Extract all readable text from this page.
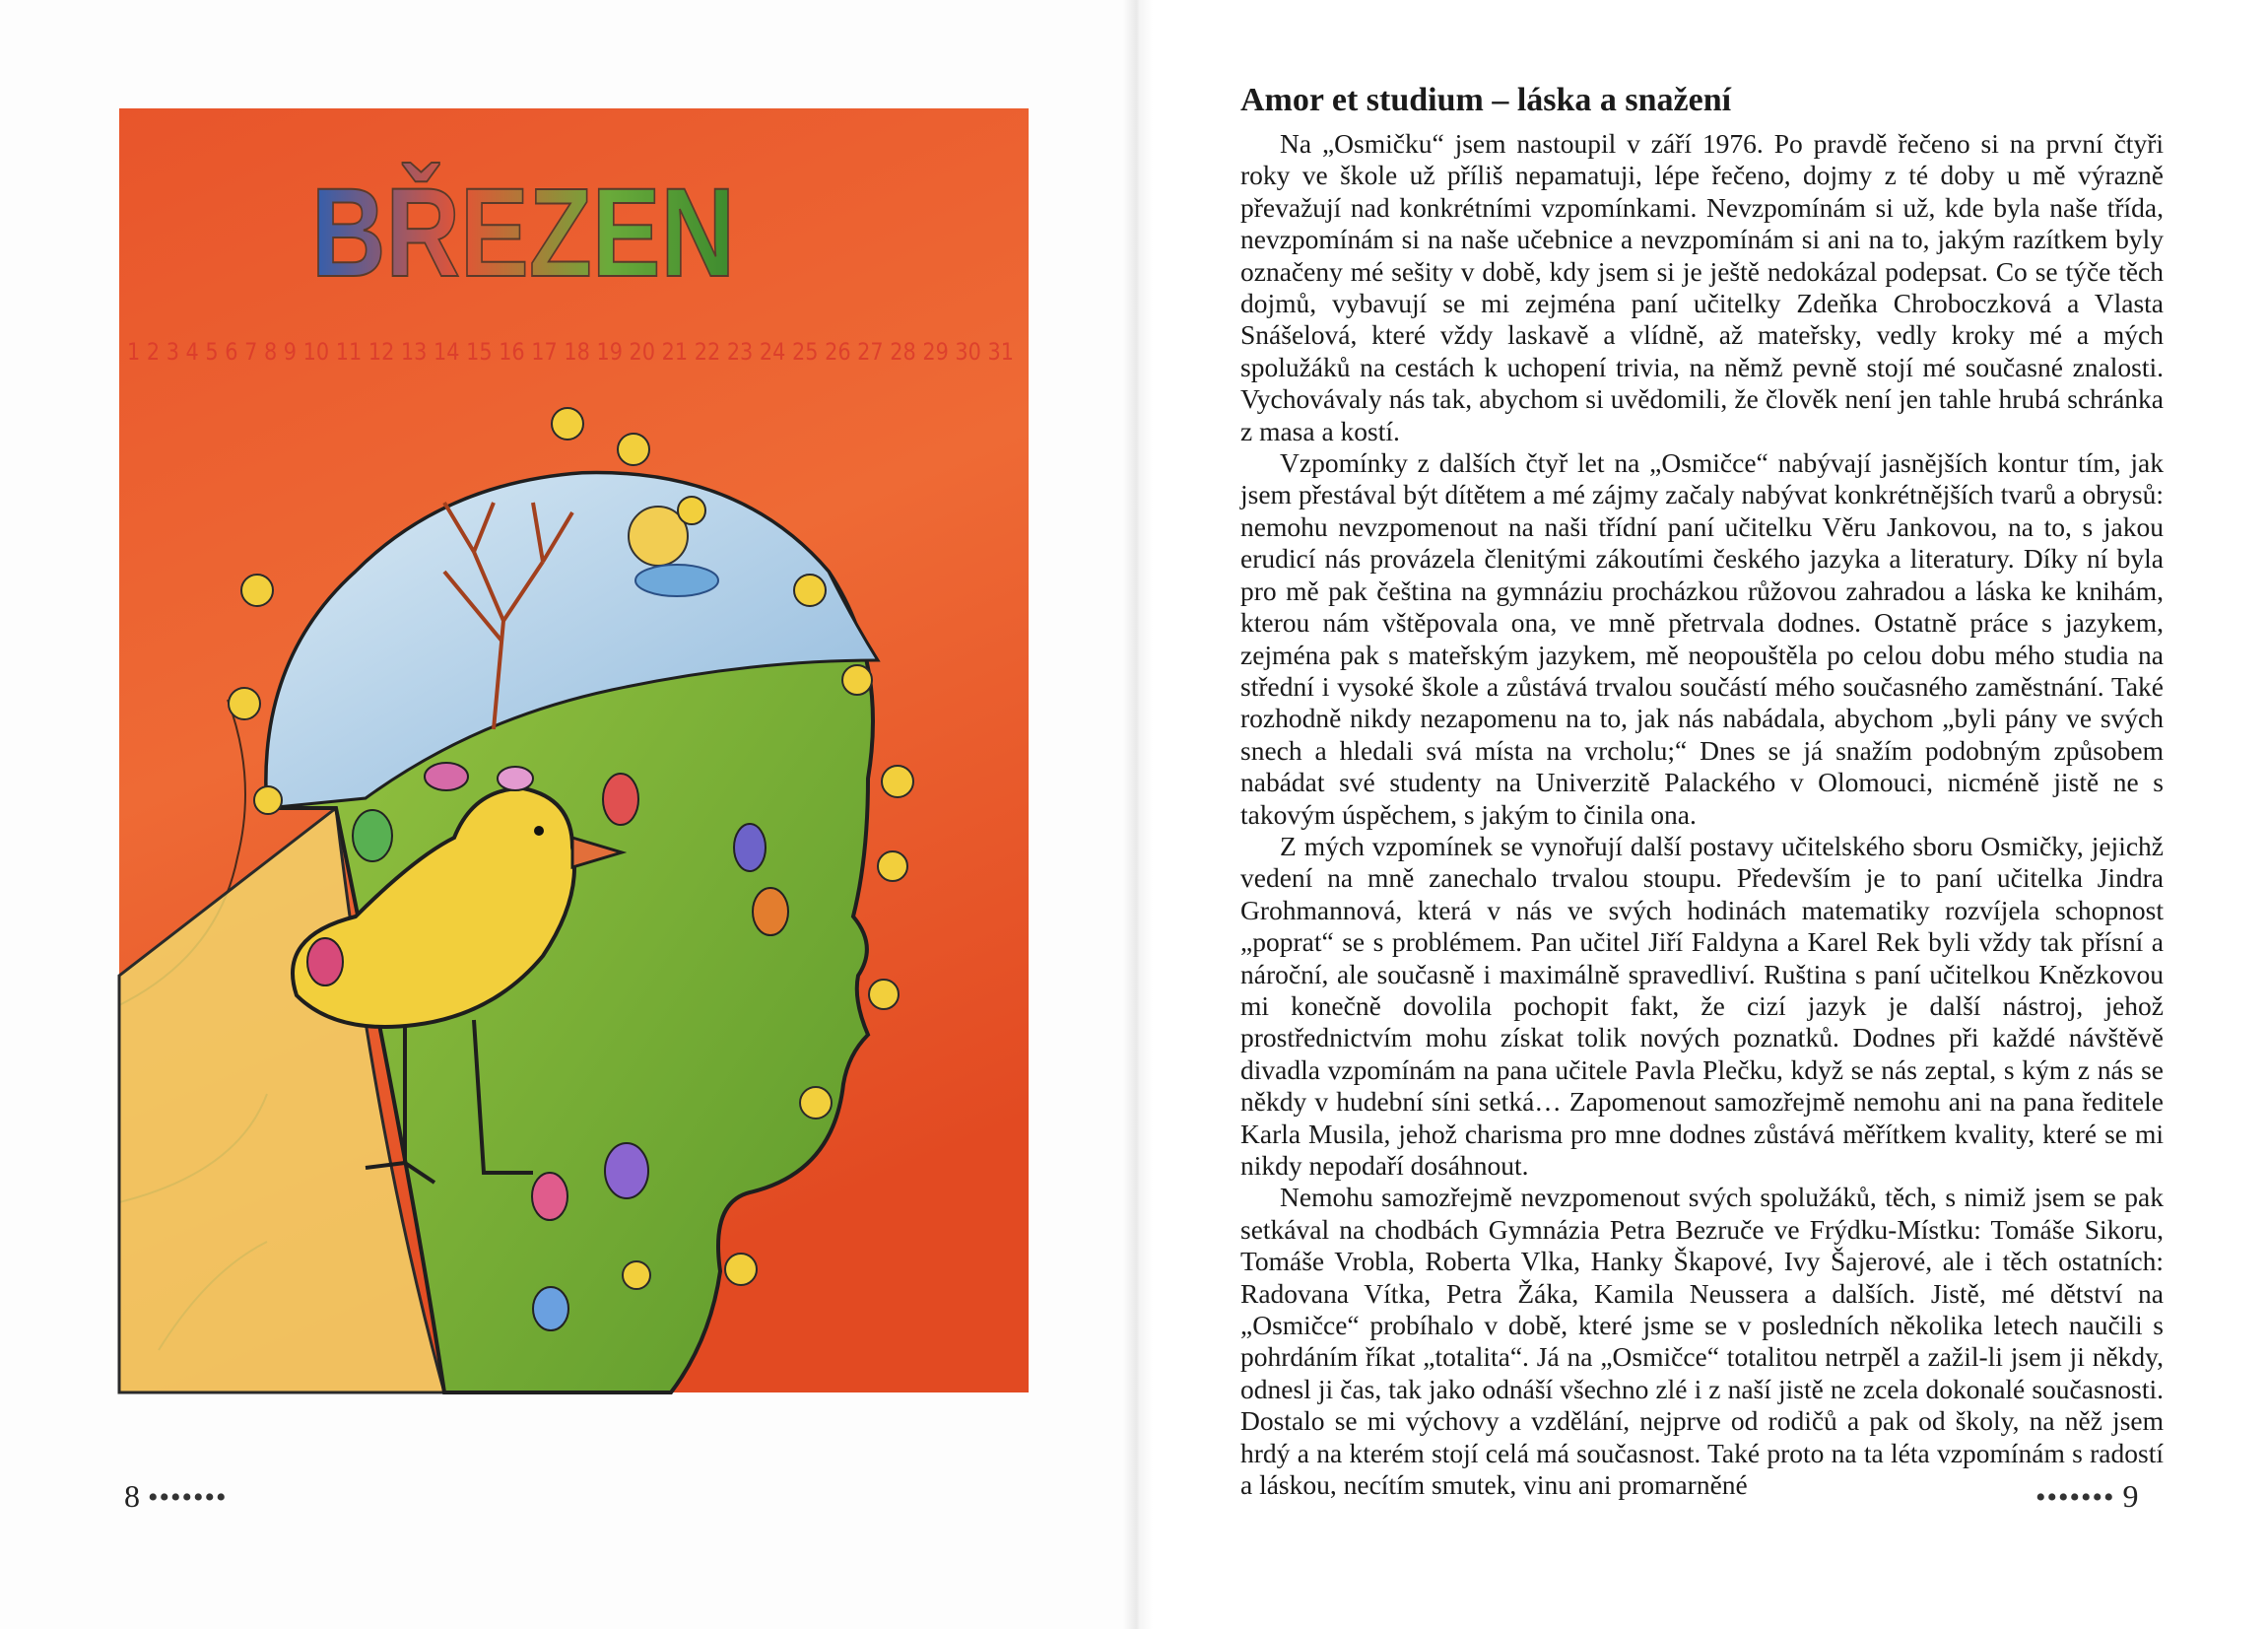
BŘEZEN
1 2 3 4 5 6 7 8 9 10 11 12 13 14 15 16 17 18 19 20 21 22 23 24 25 26 27 28 29 30 31
8 •••••••
Amor et studium – láska a snažení

Na „Osmičku“ jsem nastoupil v září 1976. Po pravdě řečeno si na první čtyři roky ve škole už příliš nepamatuji, lépe řečeno, dojmy z té doby u mě výrazně převažují nad konkrétními vzpomínkami. Nevzpomínám si už, kde byla naše třída, nevzpomínám si na naše učebnice a nevzpomínám si ani na to, jakým razítkem byly označeny mé sešity v době, kdy jsem si je ještě nedokázal podepsat. Co se týče těch dojmů, vybavují se mi zejména paní učitelky Zdeňka Chroboczková a Vlasta Snášelová, které vždy laskavě a vlídně, až mateřsky, vedly kroky mé a mých spolužáků na cestách k uchopení trivia, na němž pevně stojí mé současné znalosti. Vychovávaly nás tak, abychom si uvědomili, že člověk není jen tahle hrubá schránka z masa a kostí.

Vzpomínky z dalších čtyř let na „Osmičce“ nabývají jasnějších kontur tím, jak jsem přestával být dítětem a mé zájmy začaly nabývat konkrétnějších tvarů a obrysů: nemohu nevzpomenout na naši třídní paní učitelku Věru Jankovou, na to, s jakou erudicí nás provázela členitými zákoutími českého jazyka a literatury. Díky ní byla pro mě pak čeština na gymnáziu procházkou růžovou zahradou a láska ke knihám, kterou nám vštěpovala ona, ve mně přetrvala dodnes. Ostatně práce s jazykem, zejména pak s mateřským jazykem, mě neopouštěla po celou dobu mého studia na střední i vysoké škole a zůstává trvalou součástí mého současného zaměstnání. Také rozhodně nikdy nezapomenu na to, jak nás nabádala, abychom „byli pány ve svých snech a hledali svá místa na vrcholu;“ Dnes se já snažím podobným způsobem nabádat své studenty na Univerzitě Palackého v Olomouci, nicméně jistě ne s takovým úspěchem, s jakým to činila ona.

Z mých vzpomínek se vynořují další postavy učitelského sboru Osmičky, jejichž vedení na mně zanechalo trvalou stoupu. Především je to paní učitelka Jindra Grohmannová, která v nás ve svých hodinách matematiky rozvíjela schopnost „poprat“ se s problémem. Pan učitel Jiří Faldyna a Karel Rek byli vždy tak přísní a nároční, ale současně i maximálně spravedliví. Ruština s paní učitelkou Knězkovou mi konečně dovolila pochopit fakt, že cizí jazyk je další nástroj, jehož prostřednictvím mohu získat tolik nových poznatků. Dodnes při každé návštěvě divadla vzpomínám na pana učitele Pavla Plečku, když se nás zeptal, s kým z nás se někdy v hudební síni setká… Zapomenout samozřejmě nemohu ani na pana ředitele Karla Musila, jehož charisma pro mne dodnes zůstává měřítkem kvality, které se mi nikdy nepodaří dosáhnout.

Nemohu samozřejmě nevzpomenout svých spolužáků, těch, s nimiž jsem se pak setkával na chodbách Gymnázia Petra Bezruče ve Frýdku-Místku: Tomáše Sikoru, Tomáše Vrobla, Roberta Vlka, Hanky Škapové, Ivy Šajerové, ale i těch ostatních: Radovana Vítka, Petra Žáka, Kamila Neussera a dalších. Jistě, mé dětství na „Osmičce“ probíhalo v době, které jsme se v posledních několika letech naučili s pohrdáním říkat „totalita“. Já na „Osmičce“ totalitou netrpěl a zažil-li jsem ji někdy, odnesl ji čas, tak jako odnáší všechno zlé i z naší jistě ne zcela dokonalé současnosti. Dostalo se mi výchovy a vzdělání, nejprve od rodičů a pak od školy, na něž jsem hrdý a na kterém stojí celá má současnost. Také proto na ta léta vzpomínám s radostí a láskou, necítím smutek, vinu ani promarněné	••••••• 9
